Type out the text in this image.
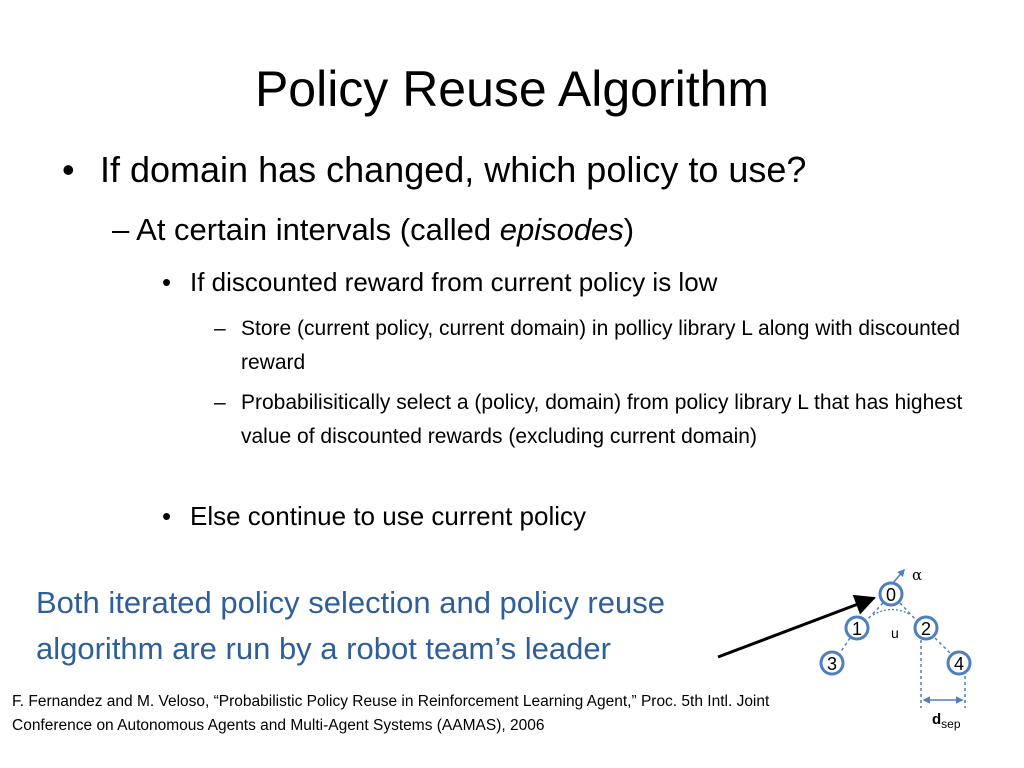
Policy Reuse Algorithm
• If domain has changed, which policy to use?
– At certain intervals (called episodes)
• If discounted reward from current policy is low
– Store (current policy, current domain) in pollicy library L along with discounted reward
– Probabilisitically select a (policy, domain) from policy library L that has highest value of discounted rewards (excluding current domain)
• Else continue to use current policy
Both iterated policy selection and policy reuse algorithm are run by a robot team’s leader
F. Fernandez and M. Veloso, “Probabilistic Policy Reuse in Reinforcement Learning Agent,” Proc. 5th Intl. Joint Conference on Autonomous Agents and Multi-Agent Systems (AAMAS), 2006
0
1	2
3	4
α
u
$d_{sep}$
